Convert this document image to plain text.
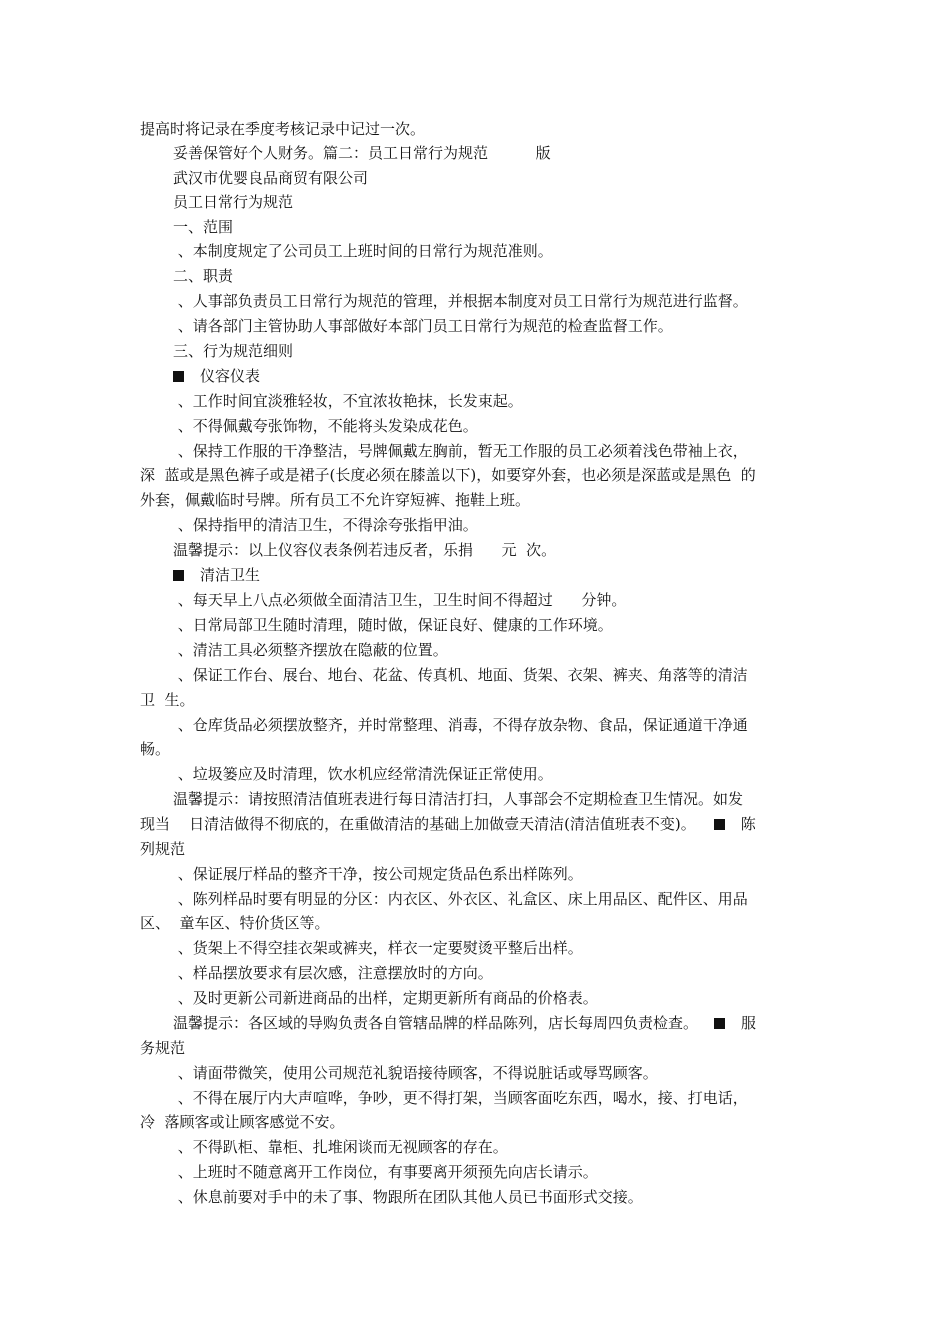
提高时将记录在季度考核记录中记过一次。
妥善保管好个人财务。篇二：员工日常行为规范          版
武汉市优婴良品商贸有限公司
员工日常行为规范
一、范围
、本制度规定了公司员工上班时间的日常行为规范准则。
二、职责
、人事部负责员工日常行为规范的管理，并根据本制度对员工日常行为规范进行监督。
、请各部门主管协助人事部做好本部门员工日常行为规范的检查监督工作。
三、行为规范细则
仪容仪表
、工作时间宜淡雅轻妆，不宜浓妆艳抹，长发束起。
、不得佩戴夸张饰物，不能将头发染成花色。
、保持工作服的干净整洁，号牌佩戴左胸前，暂无工作服的员工必须着浅色带袖上衣，
深  蓝或是黑色裤子或是裙子(长度必须在膝盖以下)，如要穿外套，也必须是深蓝或是黑色  的
外套，佩戴临时号牌。所有员工不允许穿短裤、拖鞋上班。
、保持指甲的清洁卫生，不得涂夸张指甲油。
温馨提示：以上仪容仪表条例若违反者，乐捐      元  次。
清洁卫生
、每天早上八点必须做全面清洁卫生，卫生时间不得超过      分钟。
、日常局部卫生随时清理，随时做，保证良好、健康的工作环境。
、清洁工具必须整齐摆放在隐蔽的位置。
、保证工作台、展台、地台、花盆、传真机、地面、货架、衣架、裤夹、角落等的清洁
卫  生。
、仓库货品必须摆放整齐，并时常整理、消毒，不得存放杂物、食品，保证通道干净通
畅。
、垃圾篓应及时清理，饮水机应经常清洗保证正常使用。
温馨提示：请按照清洁值班表进行每日清洁打扫，人事部会不定期检查卫生情况。如发
现当    日清洁做得不彻底的，在重做清洁的基础上加做壹天清洁(清洁值班表不变)。	陈
列规范
、保证展厅样品的整齐干净，按公司规定货品色系出样陈列。
、陈列样品时要有明显的分区：内衣区、外衣区、礼盒区、床上用品区、配件区、用品
区、  童车区、特价货区等。
、货架上不得空挂衣架或裤夹，样衣一定要熨烫平整后出样。
、样品摆放要求有层次感，注意摆放时的方向。
、及时更新公司新进商品的出样，定期更新所有商品的价格表。
温馨提示：各区域的导购负责各自管辖品牌的样品陈列，店长每周四负责检查。	服
务规范
、请面带微笑，使用公司规范礼貌语接待顾客，不得说脏话或辱骂顾客。
、不得在展厅内大声喧哗，争吵，更不得打架，当顾客面吃东西，喝水，接、打电话，
冷  落顾客或让顾客感觉不安。
、不得趴柜、靠柜、扎堆闲谈而无视顾客的存在。
、上班时不随意离开工作岗位，有事要离开须预先向店长请示。
、休息前要对手中的未了事、物跟所在团队其他人员已书面形式交接。
